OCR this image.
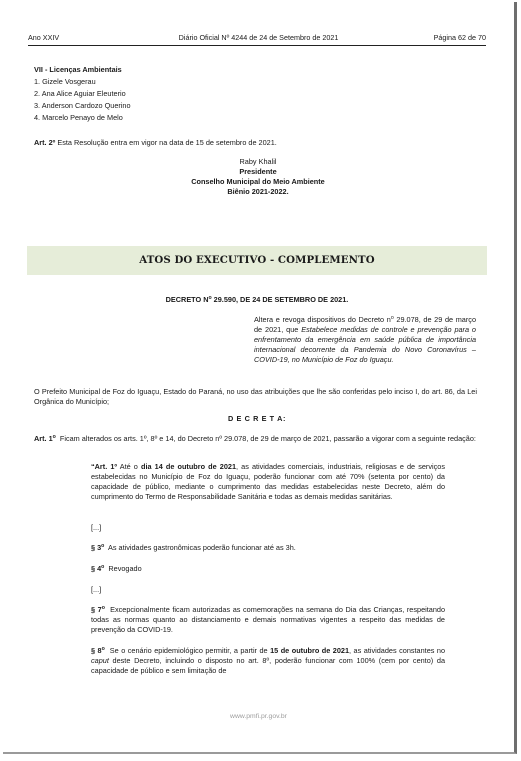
Ano XXIV	Diário Oficial Nº 4244 de 24 de Setembro de 2021	Página 62 de 70
VII - Licenças Ambientais
1. Gizele Vosgerau
2. Ana Alice Aguiar Eleuterio
3. Anderson Cardozo Querino
4. Marcelo Penayo de Melo
Art. 2º Esta Resolução entra em vigor na data de 15 de setembro de 2021.
Raby Khalil
Presidente
Conselho Municipal do Meio Ambiente
Biênio 2021-2022.
ATOS DO EXECUTIVO - COMPLEMENTO
DECRETO $N^o$ 29.590, DE 24 DE SETEMBRO DE 2021.
Altera e revoga dispositivos do Decreto $n^o$ 29.078, de 29 de março de 2021, que Estabelece medidas de controle e prevenção para o enfrentamento da emergência em saúde pública de importância internacional decorrente da Pandemia do Novo Coronavírus – COVID-19, no Município de Foz do Iguaçu.
O Prefeito Municipal de Foz do Iguaçu, Estado do Paraná, no uso das atribuições que lhe são conferidas pelo inciso I, do art. 86, da Lei Orgânica do Município;
D E C R E T A:
Art. 1$^o$ Ficam alterados os arts. 1º, 8º e 14, do Decreto nº 29.078, de 29 de março de 2021, passarão a vigorar com a seguinte redação:
“Art. 1º Até o dia 14 de outubro de 2021, as atividades comerciais, industriais, religiosas e de serviços estabelecidas no Município de Foz do Iguaçu, poderão funcionar com até 70% (setenta por cento) da capacidade de público, mediante o cumprimento das medidas estabelecidas neste Decreto, além do cumprimento do Termo de Responsabilidade Sanitária e todas as demais medidas sanitárias.
[...]
§ 3$^o$ As atividades gastronômicas poderão funcionar até as 3h.
§ 4$^o$ Revogado
[...]
§ 7$^o$ Excepcionalmente ficam autorizadas as comemorações na semana do Dia das Crianças, respeitando todas as normas quanto ao distanciamento e demais normativas vigentes a respeito das medidas de prevenção da COVID-19.
§ 8$^o$ Se o cenário epidemiológico permitir, a partir de 15 de outubro de 2021, as atividades constantes no caput deste Decreto, incluindo o disposto no art. 8º, poderão funcionar com 100% (cem por cento) da capacidade de público e sem limitação de
www.pmfi.pr.gov.br
